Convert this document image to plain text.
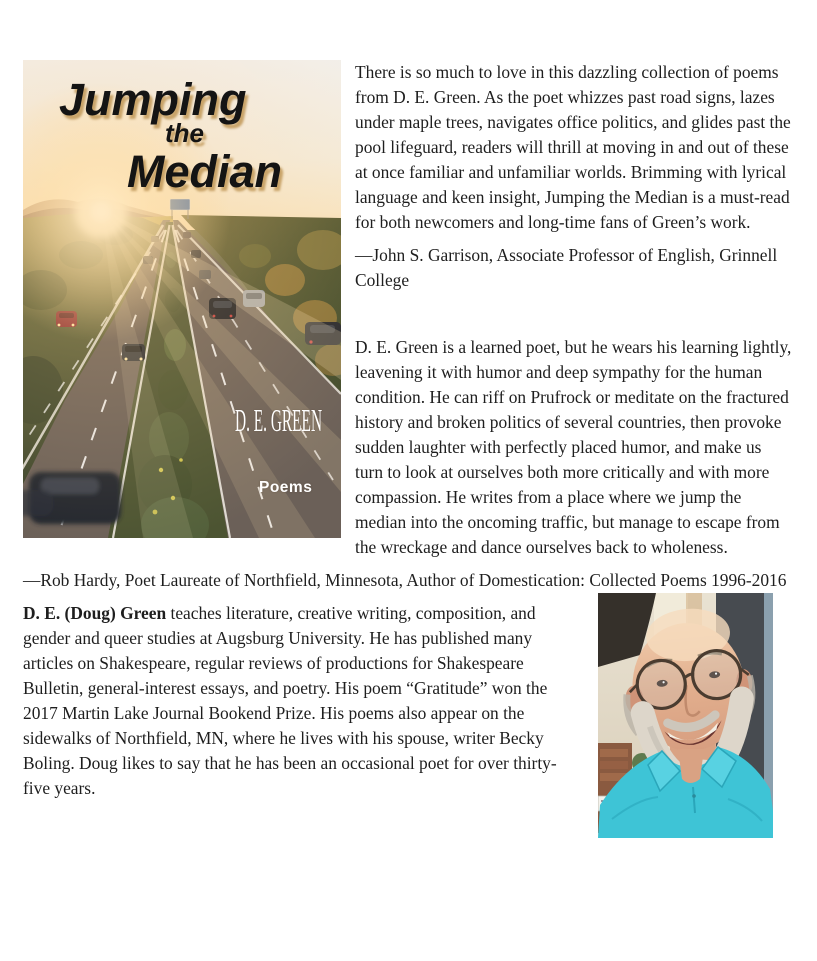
Jumping
the
Median
D. E. GREEN
Poems

There is so much to love in this dazzling collection of poems from D. E. Green. As the poet whizzes past road signs, lazes under maple trees, navigates office politics, and glides past the pool lifeguard, readers will thrill at moving in and out of these at once familiar and unfamiliar worlds. Brimming with lyrical language and keen insight, Jumping the Median is a must-read for both newcomers and long-time fans of Green’s work.

—John S. Garrison, Associate Professor of English, Grinnell College

D. E. Green is a learned poet, but he wears his learning lightly, leavening it with humor and deep sympathy for the human condition. He can riff on Prufrock or meditate on the fractured history and broken politics of several countries, then provoke sudden laughter with perfectly placed humor, and make us turn to look at ourselves both more critically and with more compassion. He writes from a place where we jump the median into the oncoming traffic, but manage to escape from the wreckage and dance ourselves back to wholeness.

—Rob Hardy, Poet Laureate of Northfield, Minnesota, Author of Domestication: Collected Poems 1996-2016

D. E. (Doug) Green teaches literature, creative writing, composition, and gender and queer studies at Augsburg University. He has published many articles on Shakespeare, regular reviews of productions for Shakespeare Bulletin, general-interest essays, and poetry. His poem “Gratitude” won the 2017 Martin Lake Journal Bookend Prize. His poems also appear on the sidewalks of Northfield, MN, where he lives with his spouse, writer Becky Boling. Doug likes to say that he has been an occasional poet for over thirty-five years.
